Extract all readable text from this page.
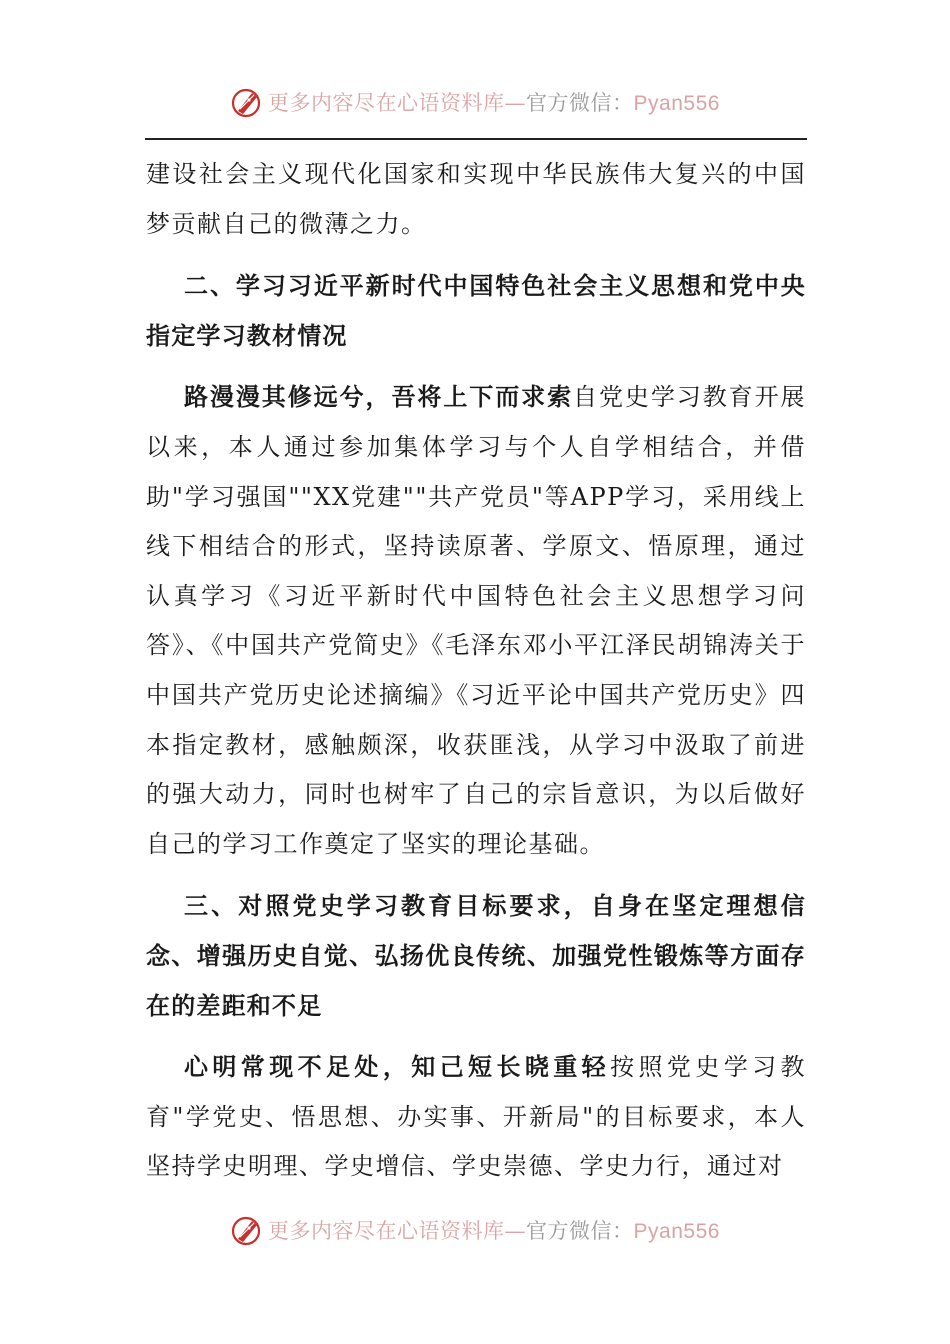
更多内容尽在心语资料库—官方微信：Pyan556

建设社会主义现代化国家和实现中华民族伟大复兴的中国梦贡献自己的微薄之力。

二、学习习近平新时代中国特色社会主义思想和党中央指定学习教材情况

路漫漫其修远兮，吾将上下而求索自党史学习教育开展以来，本人通过参加集体学习与个人自学相结合，并借助"学习强国""XX党建""共产党员"等APP学习，采用线上线下相结合的形式，坚持读原著、学原文、悟原理，通过认真学习《习近平新时代中国特色社会主义思想学习问答》、《中国共产党简史》《毛泽东邓小平江泽民胡锦涛关于中国共产党历史论述摘编》《习近平论中国共产党历史》四本指定教材，感触颇深，收获匪浅，从学习中汲取了前进的强大动力，同时也树牢了自己的宗旨意识，为以后做好自己的学习工作奠定了坚实的理论基础。

三、对照党史学习教育目标要求，自身在坚定理想信念、增强历史自觉、弘扬优良传统、加强党性锻炼等方面存在的差距和不足

心明常现不足处，知己短长晓重轻按照党史学习教育"学党史、悟思想、办实事、开新局"的目标要求，本人坚持学史明理、学史增信、学史崇德、学史力行，通过对

更多内容尽在心语资料库—官方微信：Pyan556
